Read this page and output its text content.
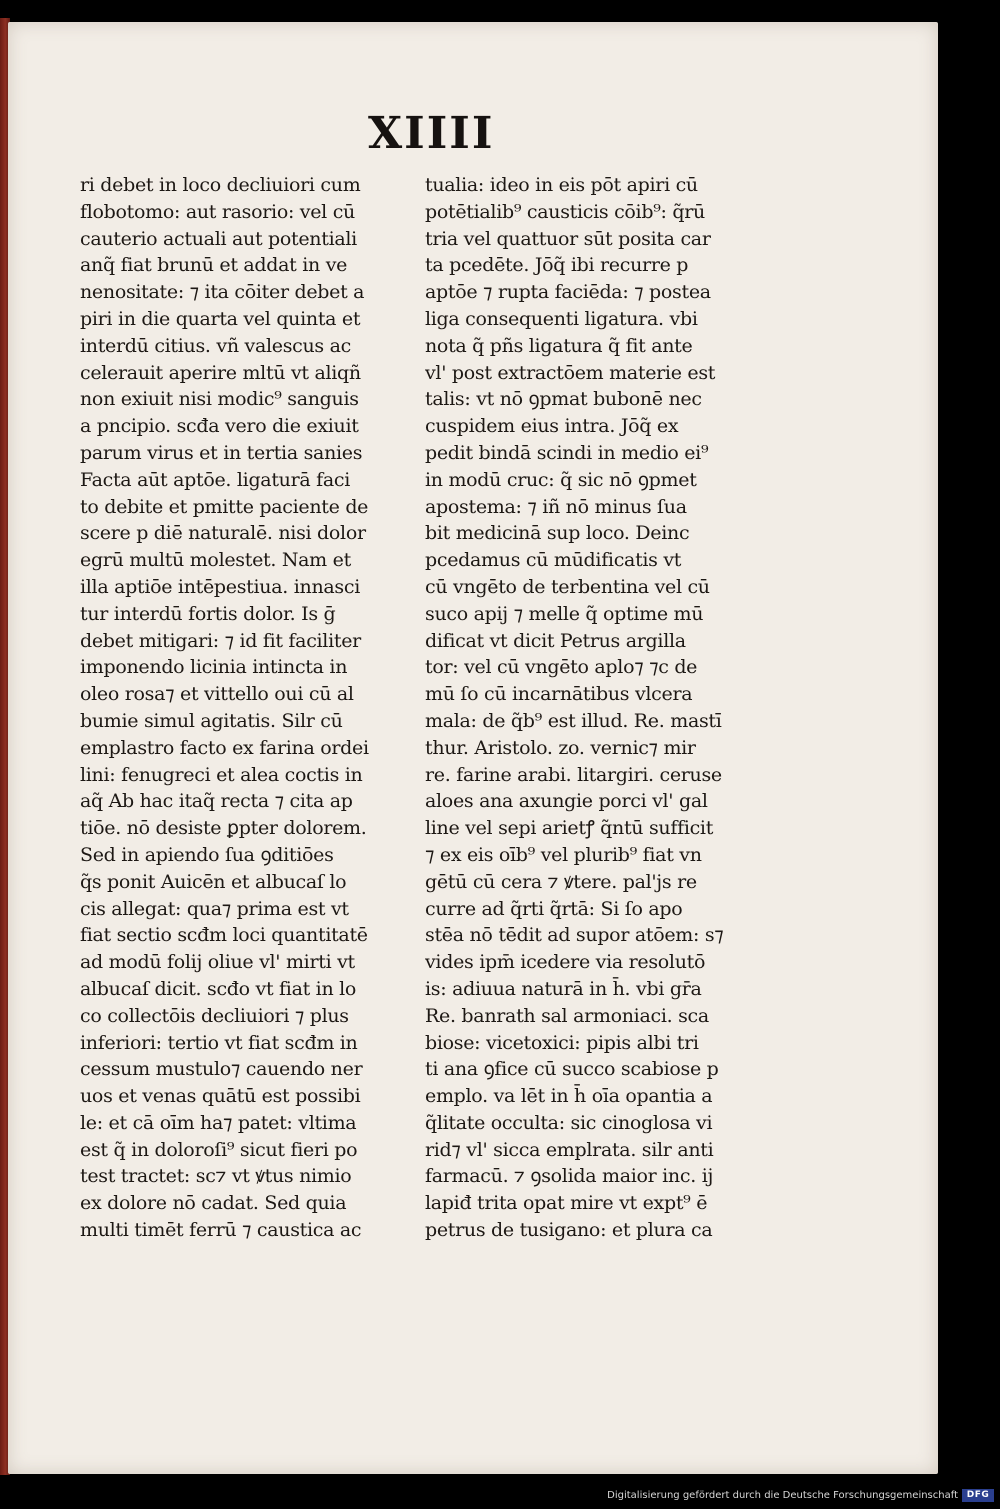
XIIII
ri debet in loco decliuiori cum
flobotomo: aut rasorio: vel cū
cauterio actuali aut potentiali
anq̃ fiat brunū et addat in ve
nenositate: ⁊ ita cōiter debet a
piri in die quarta vel quinta et
interdū citius. vñ valescus ac
celerauit aperire mltū vt aliqñ
non exiuit nisi modic⁹ sanguis
a pncipio. scđa vero die exiuit
parum virus et in tertia sanies
Facta aūt aptōe. ligaturā faci
to debite et pmitte paciente de
scere p diē naturalē. nisi dolor
egrū multū molestet. Nam et
illa aptiōe intēpestiua. innasci
tur interdū fortis dolor. Is ḡ
debet mitigari: ⁊ id fit faciliter
imponendo licinia intincta in
oleo rosa⁊ et vittello oui cū al
bumie simul agitatis. Silr cū
emplastro facto ex farina ordei
lini: fenugreci et alea coctis in
aq̃ Ab hac itaq̃ recta ⁊ cita ap
tiōe. nō desiste ꝑpter dolorem.
Sed in apiendo ſua ꝯditiōes
q̃s ponit Auicēn et albucaſ lo
cis allegat: qua⁊ prima est vt
fiat sectio scđm loci quantitatē
ad modū folij oliue vl' mirti vt
albucaſ dicit. scđo vt fiat in lo
co collectōis decliuiori ⁊ plus
inferiori: tertio vt fiat scđm in
cessum mustulo⁊ cauendo ner
uos et venas quātū est possibi
le: et cā oīm ha⁊ patet: vltima
est q̃ in doloroſi⁹ sicut fieri po
test tractet: sc⁊ vt ꝟtus nimio
ex dolore nō cadat. Sed quia
multi timēt ferrū ⁊ caustica ac
tualia: ideo in eis pōt apiri cū
potētialib⁹ causticis cōib⁹: q̃rū
tria vel quattuor sūt posita car
ta pcedēte. Jōq̃ ibi recurre p
aptōe ⁊ rupta faciēda: ⁊ postea
liga consequenti ligatura. vbi
nota q̃ pñs ligatura q̃ fit ante
vl' post extractōem materie est
talis: vt nō ꝯpmat bubonē nec
cuspidem eius intra. Jōq̃ ex
pedit bindā scindi in medio ei⁹
in modū cruc: q̃ sic nō ꝯpmet
apostema: ⁊ iñ nō minus ſua
bit medicinā sup loco. Deinc
pcedamus cū mūdificatis vt
cū vngēto de terbentina vel cū
suco apij ⁊ melle q̃ optime mū
dificat vt dicit Petrus argilla
tor: vel cū vngēto aplo⁊ ⁊c de
mū ſo cū incarnātibus vlcera
mala: de q̃b⁹ est illud. Re. mastī
thur. Aristolo. zo. vernic⁊ mir
re. farine arabi. litargiri. ceruse
aloes ana axungie porci vl' gal
line vel sepi arietꝭ q̃ntū sufficit
⁊ ex eis oīb⁹ vel plurib⁹ fiat vn
gētū cū cera ⁊ ꝟtere. pal'js re
curre ad q̃rti q̃rtā: Si ſo apo
stēa nō tēdit ad supor atōem: s⁊
vides ipm̄ icedere via resolutō
is: adiuua naturā in h̄. vbi gr̄a
Re. banrath sal armoniaci. sca
biose: vicetoxici: pipis albi tri
ti ana ꝯfice cū succo scabiose p
emplo. va lēt in h̄ oīa opantia a
q̃litate occulta: sic cinoglosa vi
rid⁊ vl' sicca emplrata. silr anti
farmacū. ⁊ ꝯsolida maior inc. ij
lapiđ trita opat mire vt expt⁹ ē
petrus de tusigano: et plura ca
Digitalisierung gefördert durch die Deutsche Forschungsgemeinschaft DFG
